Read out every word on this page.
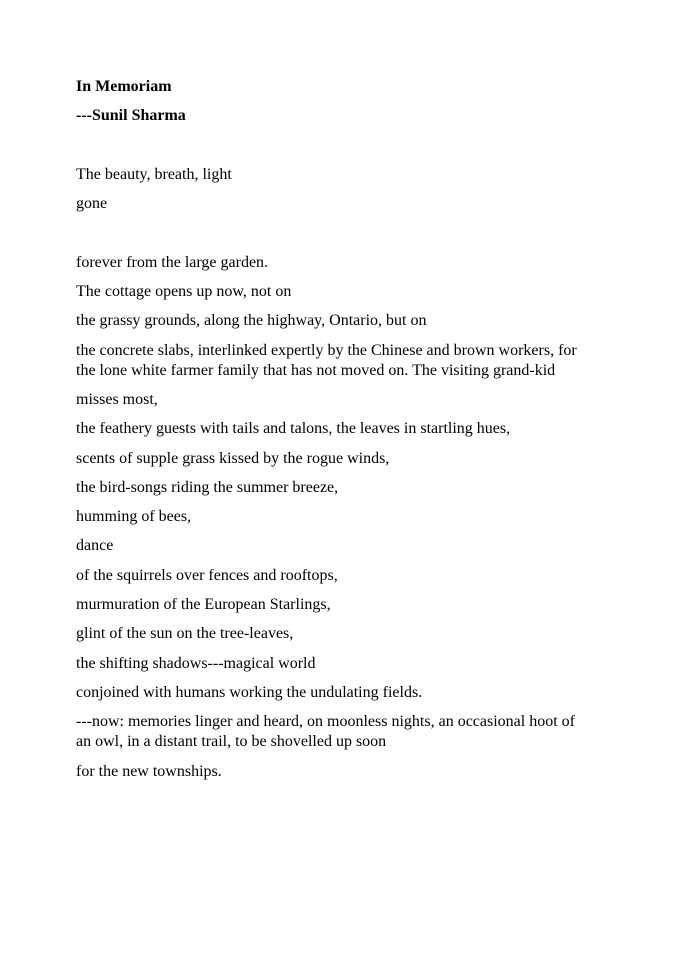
In Memoriam

---Sunil Sharma

The beauty, breath, light

gone

forever from the large garden.

The cottage opens up now, not on

the grassy grounds, along the highway, Ontario, but on

the concrete slabs, interlinked expertly by the Chinese and brown workers, for
the lone white farmer family that has not moved on. The visiting grand-kid

misses most,

the feathery guests with tails and talons, the leaves in startling hues,

scents of supple grass kissed by the rogue winds,

the bird-songs riding the summer breeze,

humming of bees,

dance

of the squirrels over fences and rooftops,

murmuration of the European Starlings,

glint of the sun on the tree-leaves,

the shifting shadows---magical world

conjoined with humans working the undulating fields.

---now: memories linger and heard, on moonless nights, an occasional hoot of
an owl, in a distant trail, to be shovelled up soon

for the new townships.
